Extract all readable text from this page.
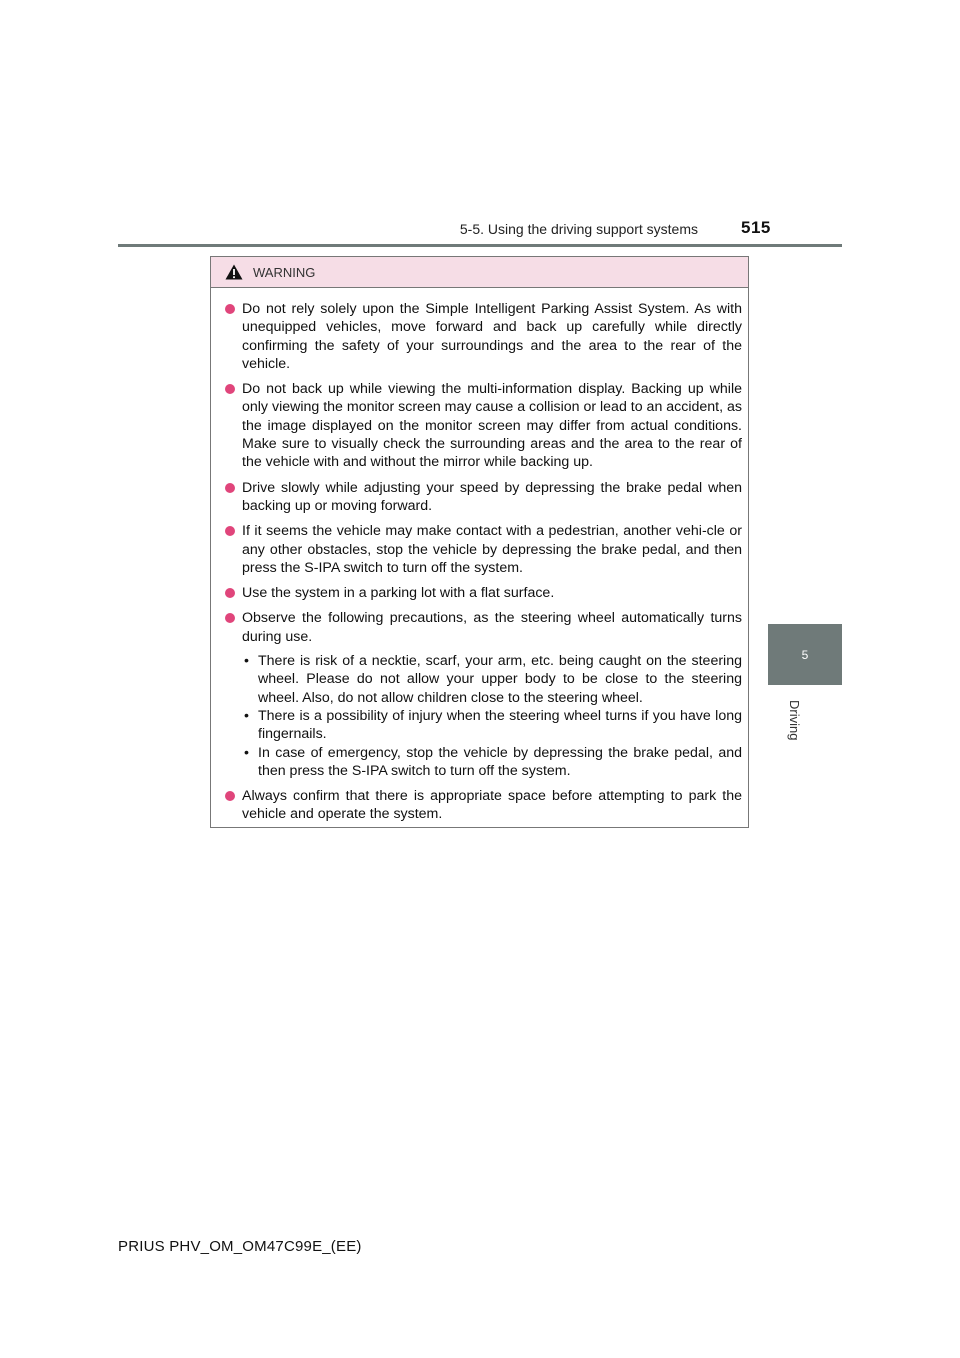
5-5. Using the driving support systems	515
5
Driving
WARNING
Do not rely solely upon the Simple Intelligent Parking Assist System. As with unequipped vehicles, move forward and back up carefully while directly confirming the safety of your surroundings and the area to the rear of the vehicle.
Do not back up while viewing the multi-information display. Backing up while only viewing the monitor screen may cause a collision or lead to an accident, as the image displayed on the monitor screen may differ from actual conditions. Make sure to visually check the surrounding areas and the area to the rear of the vehicle with and without the mirror while backing up.
Drive slowly while adjusting your speed by depressing the brake pedal when backing up or moving forward.
If it seems the vehicle may make contact with a pedestrian, another vehi-cle or any other obstacles, stop the vehicle by depressing the brake pedal, and then press the S-IPA switch to turn off the system.
Use the system in a parking lot with a flat surface.
Observe the following precautions, as the steering wheel automatically turns during use.
• There is risk of a necktie, scarf, your arm, etc. being caught on the steering wheel. Please do not allow your upper body to be close to the steering wheel. Also, do not allow children close to the steering wheel.
• There is a possibility of injury when the steering wheel turns if you have long fingernails.
• In case of emergency, stop the vehicle by depressing the brake pedal, and then press the S-IPA switch to turn off the system.
Always confirm that there is appropriate space before attempting to park the vehicle and operate the system.
PRIUS PHV_OM_OM47C99E_(EE)
